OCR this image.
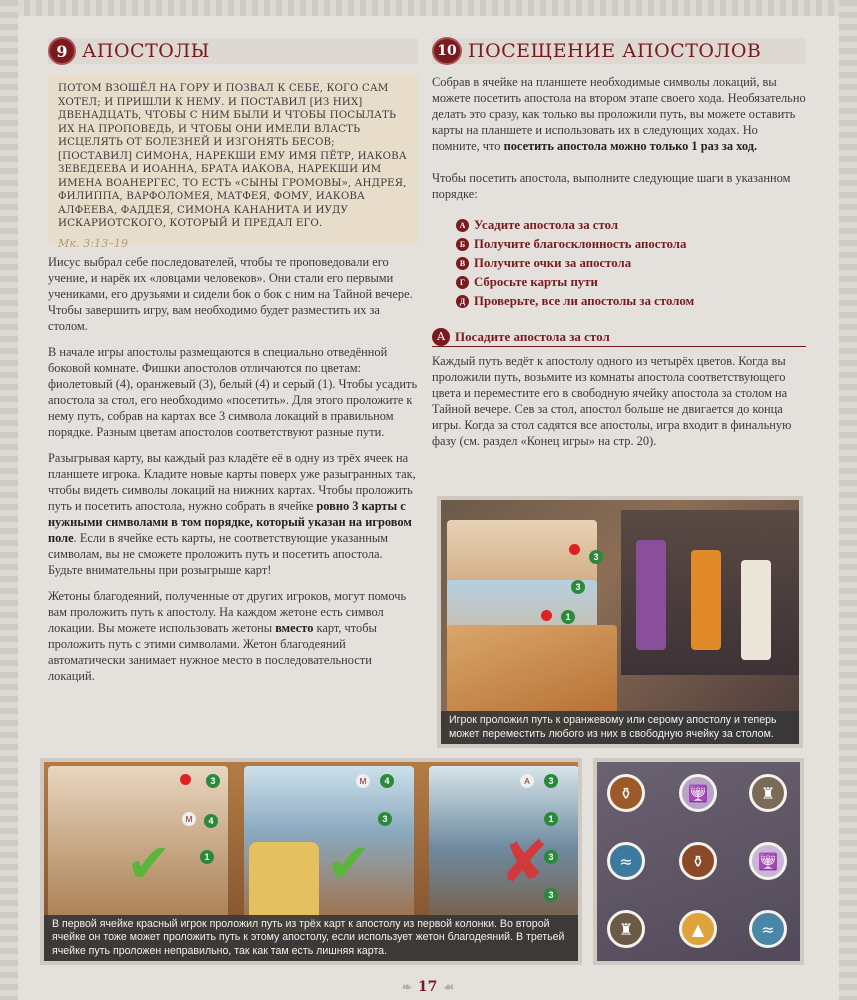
9 АПОСТОЛЫ
ПОТОМ ВЗОШЁЛ НА ГОРУ И ПОЗВАЛ К СЕБЕ, КОГО САМ ХОТЕЛ; И ПРИШЛИ К НЕМУ. И ПОСТАВИЛ [ИЗ НИХ] ДВЕНАДЦАТЬ, ЧТОБЫ С НИМ БЫЛИ И ЧТОБЫ ПОСЫЛАТЬ ИХ НА ПРОПОВЕДЬ, И ЧТОБЫ ОНИ ИМЕЛИ ВЛАСТЬ ИСЦЕЛЯТЬ ОТ БОЛЕЗНЕЙ И ИЗГОНЯТЬ БЕСОВ; [ПОСТАВИЛ] СИМОНА, НАРЕКШИ ЕМУ ИМЯ ПЁТР, ИАКОВА ЗЕВЕДЕЕВА И ИОАННА, БРАТА ИАКОВА, НАРЕКШИ ИМ ИМЕНА ВОАНЕРГЕС, ТО ЕСТЬ «СЫНЫ ГРОМОВЫ», АНДРЕЯ, ФИЛИППА, ВАРФОЛОМЕЯ, МАТФЕЯ, ФОМУ, ИАКОВА АЛФЕЕВА, ФАДДЕЯ, СИМОНА КАНАНИТА И ИУДУ ИСКАРИОТСКОГО, КОТОРЫЙ И ПРЕДАЛ ЕГО.
Мк. 3:13–19

Иисус выбрал себе последователей, чтобы те проповедовали его учение, и нарёк их «ловцами человеков». Они стали его первыми учениками, его друзьями и сидели бок о бок с ним на Тайной вечере. Чтобы завершить игру, вам необходимо будет разместить их за столом.

В начале игры апостолы размещаются в специально отведённой боковой комнате. Фишки апостолов отличаются по цветам: фиолетовый (4), оранжевый (3), белый (4) и серый (1). Чтобы усадить апостола за стол, его необходимо «посетить». Для этого проложите к нему путь, собрав на картах все 3 символа локаций в правильном порядке. Разным цветам апостолов соответствуют разные пути.

Разыгрывая карту, вы каждый раз кладёте её в одну из трёх ячеек на планшете игрока. Кладите новые карты поверх уже разыгранных так, чтобы видеть символы локаций на нижних картах. Чтобы проложить путь и посетить апостола, нужно собрать в ячейке ровно 3 карты с нужными символами в том порядке, который указан на игровом поле. Если в ячейке есть карты, не соответствующие указанным символам, вы не сможете проложить путь и посетить апостола. Будьте внимательны при розыгрыше карт!

Жетоны благодеяний, полученные от других игроков, могут помочь вам проложить путь к апостолу. На каждом жетоне есть символ локации. Вы можете использовать жетоны вместо карт, чтобы проложить путь с этими символами. Жетон благодеяний автоматически занимает нужное место в последовательности локаций.

10 ПОСЕЩЕНИЕ АПОСТОЛОВ

Собрав в ячейке на планшете необходимые символы локаций, вы можете посетить апостола на втором этапе своего хода. Необязательно делать это сразу, как только вы проложили путь, вы можете оставить карты на планшете и использовать их в следующих ходах. Но помните, что посетить апостола можно только 1 раз за ход.

Чтобы посетить апостола, выполните следующие шаги в указанном порядке:

А Усадите апостола за стол
Б Получите благосклонность апостола
В Получите очки за апостола
Г Сбросьте карты пути
Д Проверьте, все ли апостолы за столом
А Посадите апостола за стол

Каждый путь ведёт к апостолу одного из четырёх цветов. Когда вы проложили путь, возьмите из комнаты апостола соответствующего цвета и переместите его в свободную ячейку апостола за столом на Тайной вечере. Сев за стол, апостол больше не двигается до конца игры. Когда за стол садятся все апостолы, игра входит в финальную фазу (см. раздел «Конец игры» на стр. 20).

3
3
1
Игрок проложил путь к оранжевому или серому апостолу и теперь может переместить любого из них в свободную ячейку за столом.
3
4
1
4
3
3
1
3
3
М
М	А
✔	✔ ✘
В первой ячейке красный игрок проложил путь из трёх карт к апостолу из первой колонки. Во второй ячейке он тоже может проложить путь к этому апостолу, если использует жетон благодеяний. В третьей ячейке путь проложен неправильно, так как там есть лишняя карта.
⚱	🕎	♜
≈	⚱	🕎
♜	▲	≈
❧ 17 ☙
